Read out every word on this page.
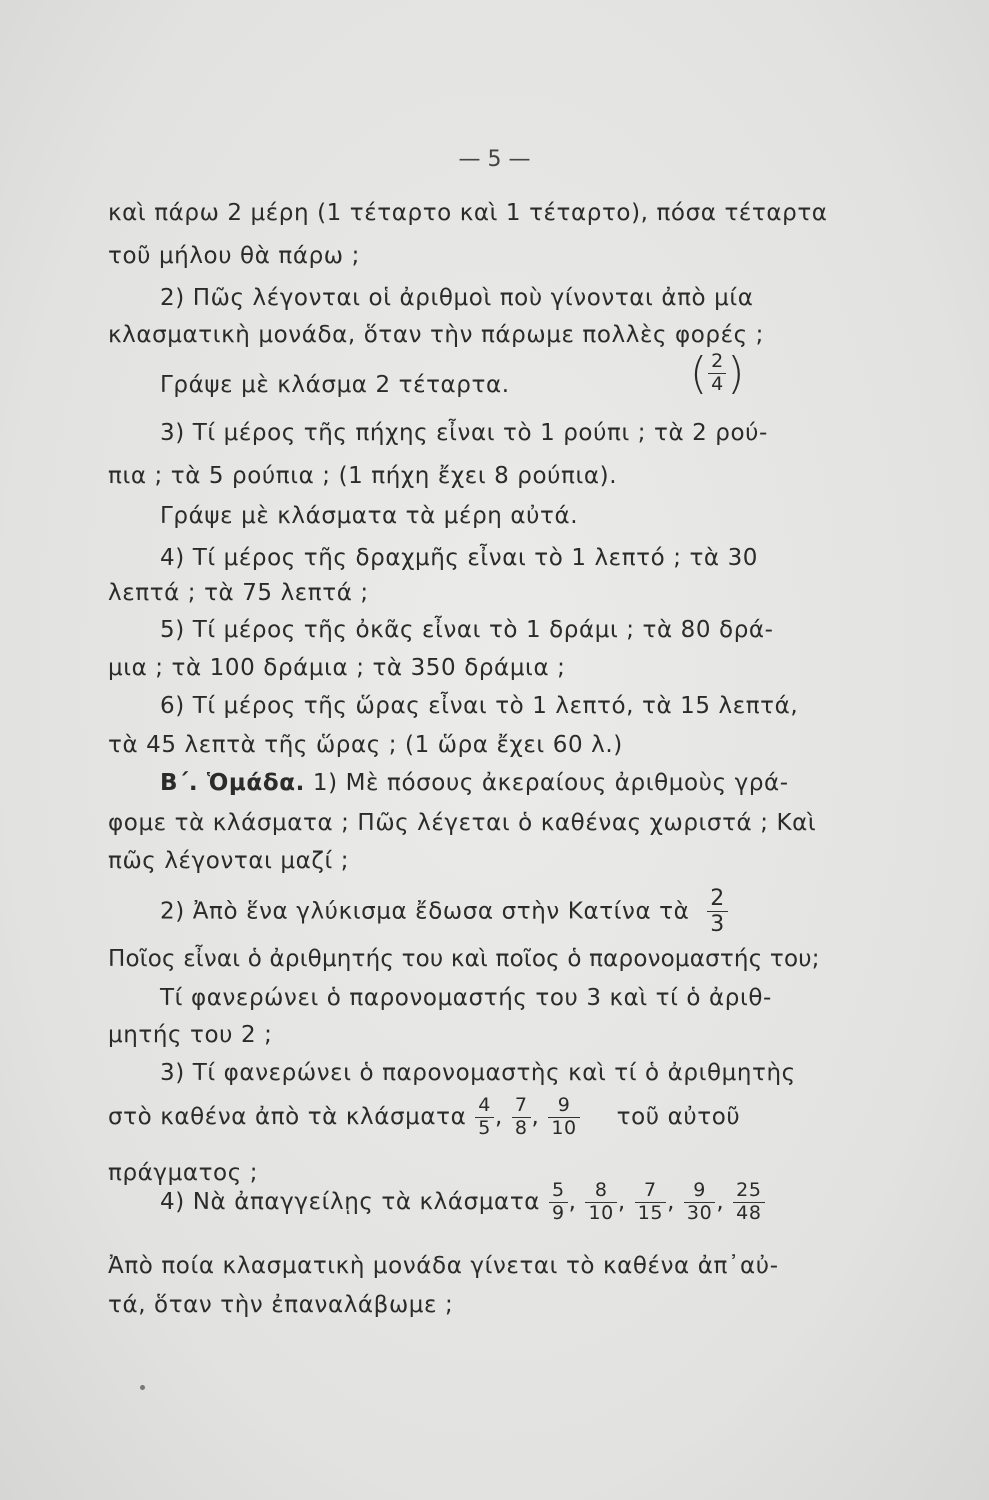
— 5 —
καὶ πάρω 2 μέρη (1 τέταρτο καὶ 1 τέταρτο), πόσα τέταρτα
τοῦ μήλου θὰ πάρω ;
2) Πῶς λέγονται οἱ ἀριθμοὶ ποὺ γίνονται ἀπὸ μία
κλασματικὴ μονάδα, ὅταν τὴν πάρωμε πολλὲς φορές ;
Γράψε μὲ κλάσμα 2 τέταρτα.	( $\frac{2}{4}$ )
3) Τί μέρος τῆς πήχης εἶναι τὸ 1 ρούπι ; τὰ 2 ρού-
πια ; τὰ 5 ρούπια ; (1 πήχη ἔχει 8 ρούπια).
Γράψε μὲ κλάσματα τὰ μέρη αὐτά.
4) Τί μέρος τῆς δραχμῆς εἶναι τὸ 1 λεπτό ; τὰ 30
λεπτά ; τὰ 75 λεπτά ;
5) Τί μέρος τῆς ὀκᾶς εἶναι τὸ 1 δράμι ; τὰ 80 δρά-
μια ; τὰ 100 δράμια ; τὰ 350 δράμια ;
6) Τί μέρος τῆς ὥρας εἶναι τὸ 1 λεπτό, τὰ 15 λεπτά,
τὰ 45 λεπτὰ τῆς ὥρας ; (1 ὥρα ἔχει 60 λ.)
Β΄. Ὁμάδα. 1) Μὲ πόσους ἀκεραίους ἀριθμοὺς γρά-
φομε τὰ κλάσματα ; Πῶς λέγεται ὁ καθένας χωριστά ; Καὶ
πῶς λέγονται μαζί ;
2) Ἀπὸ ἕνα γλύκισμα ἔδωσα στὴν Κατίνα τὰ $\frac{2}{3}$
Ποῖος εἶναι ὁ ἀριθμητής του καὶ ποῖος ὁ παρονομαστής του;
Τί φανερώνει ὁ παρονομαστής του 3 καὶ τί ὁ ἀριθ-
μητής του 2 ;
3) Τί φανερώνει ὁ παρονομαστὴς καὶ τί ὁ ἀριθμητὴς
στὸ καθένα ἀπὸ τὰ κλάσματα $\frac{4}{5}$ , $\frac{7}{8}$ , $\frac{9}{10}$ τοῦ αὐτοῦ
πράγματος ;
4) Νὰ ἀπαγγείλῃς τὰ κλάσματα $\frac{5}{9}$ , $\frac{8}{10}$ , $\frac{7}{15}$ , $\frac{9}{30}$ , $\frac{25}{48}$
Ἀπὸ ποία κλασματικὴ μονάδα γίνεται τὸ καθένα ἀπ᾽αὐ-
τά, ὅταν τὴν ἐπαναλάβωμε ;
